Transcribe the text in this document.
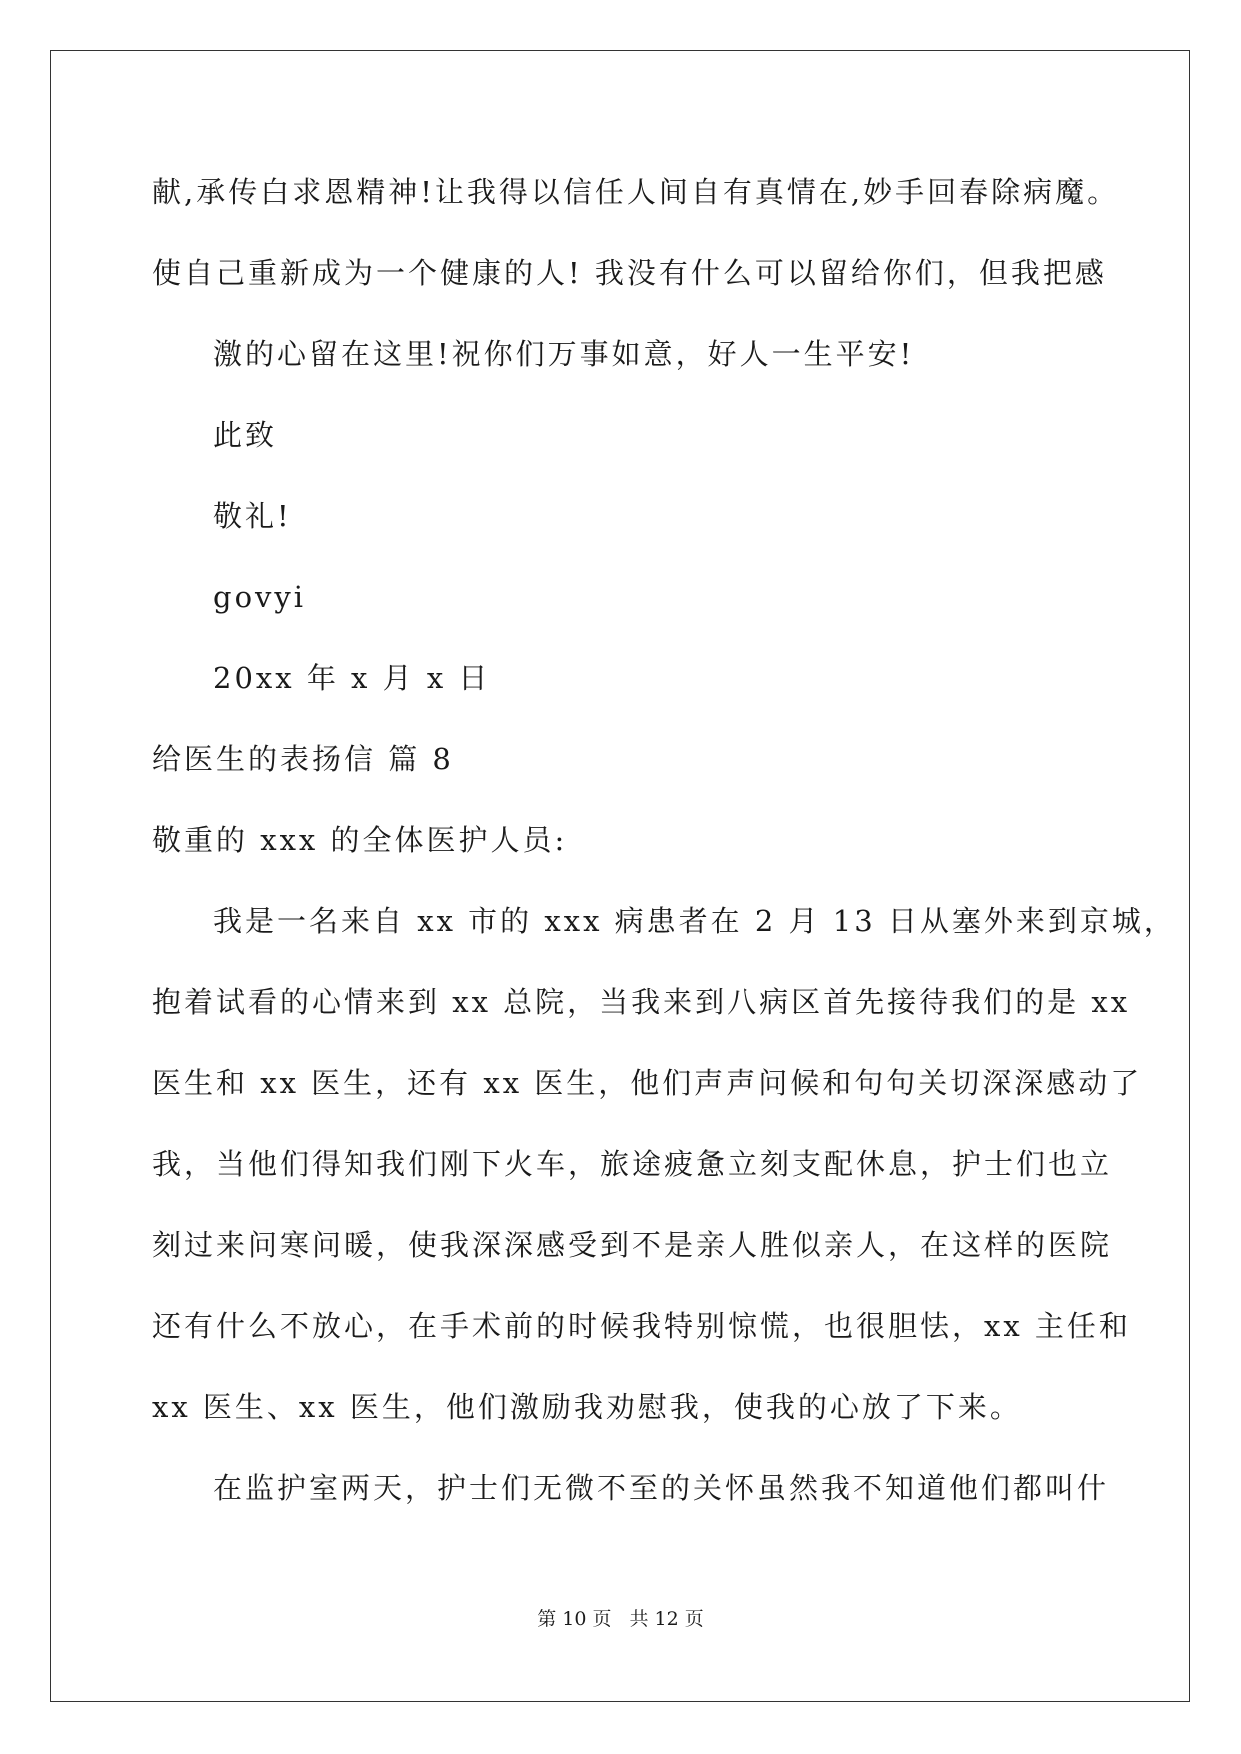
献,承传白求恩精神!让我得以信任人间自有真情在,妙手回春除病魔。
使自己重新成为一个健康的人! 我没有什么可以留给你们，但我把感
激的心留在这里!祝你们万事如意，好人一生平安!
此致
敬礼!
govyi
20xx 年 x 月 x 日
给医生的表扬信 篇 8
敬重的 xxx 的全体医护人员:
我是一名来自 xx 市的 xxx 病患者在 2 月 13 日从塞外来到京城，
抱着试看的心情来到 xx 总院，当我来到八病区首先接待我们的是 xx
医生和 xx 医生，还有 xx 医生，他们声声问候和句句关切深深感动了
我，当他们得知我们刚下火车，旅途疲惫立刻支配休息，护士们也立
刻过来问寒问暖，使我深深感受到不是亲人胜似亲人，在这样的医院
还有什么不放心，在手术前的时候我特别惊慌，也很胆怯，xx 主任和
xx 医生、xx 医生，他们激励我劝慰我，使我的心放了下来。
在监护室两天，护士们无微不至的关怀虽然我不知道他们都叫什
第 10 页 共 12 页
